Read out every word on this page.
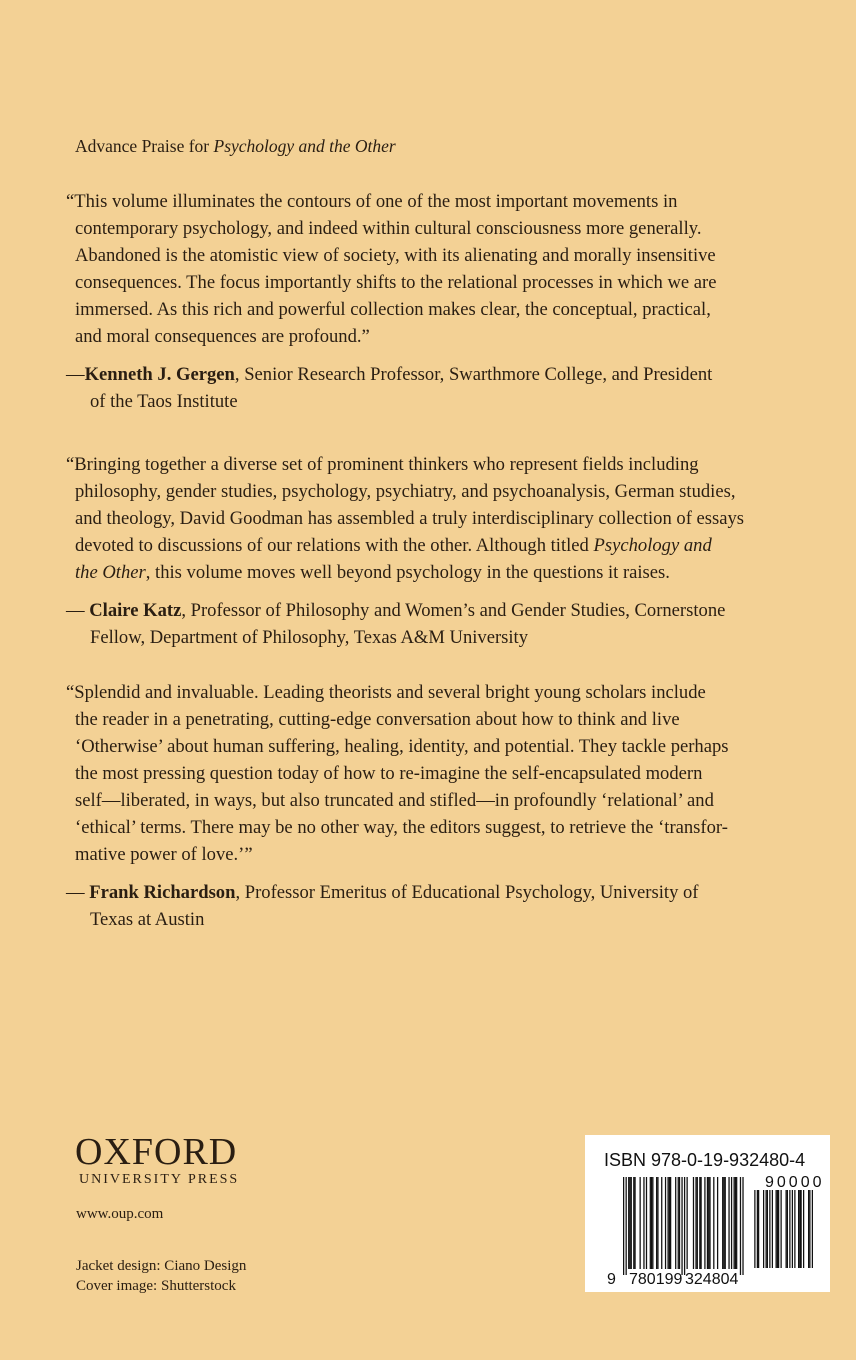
Advance Praise for Psychology and the Other
“This volume illuminates the contours of one of the most important movements in
contemporary psychology, and indeed within cultural consciousness more generally.
Abandoned is the atomistic view of society, with its alienating and morally insensitive
consequences. The focus importantly shifts to the relational processes in which we are
immersed. As this rich and powerful collection makes clear, the conceptual, practical,
and moral consequences are profound.”
—Kenneth J. Gergen, Senior Research Professor, Swarthmore College, and President
of the Taos Institute
“Bringing together a diverse set of prominent thinkers who represent fields including
philosophy, gender studies, psychology, psychiatry, and psychoanalysis, German studies,
and theology, David Goodman has assembled a truly interdisciplinary collection of essays
devoted to discussions of our relations with the other. Although titled Psychology and
the Other, this volume moves well beyond psychology in the questions it raises.
— Claire Katz, Professor of Philosophy and Women’s and Gender Studies, Cornerstone
Fellow, Department of Philosophy, Texas A&M University
“Splendid and invaluable. Leading theorists and several bright young scholars include
the reader in a penetrating, cutting-edge conversation about how to think and live
‘Otherwise’ about human suffering, healing, identity, and potential. They tackle perhaps
the most pressing question today of how to re-imagine the self-encapsulated modern
self—liberated, in ways, but also truncated and stifled—in profoundly ‘relational’ and
‘ethical’ terms. There may be no other way, the editors suggest, to retrieve the ‘transfor-
mative power of love.’”
— Frank Richardson, Professor Emeritus of Educational Psychology, University of
Texas at Austin
OXFORD
UNIVERSITY PRESS
www.oup.com
Jacket design: Ciano Design
Cover image: Shutterstock
ISBN 978-0-19-932480-4
9 780199 324804
90000
